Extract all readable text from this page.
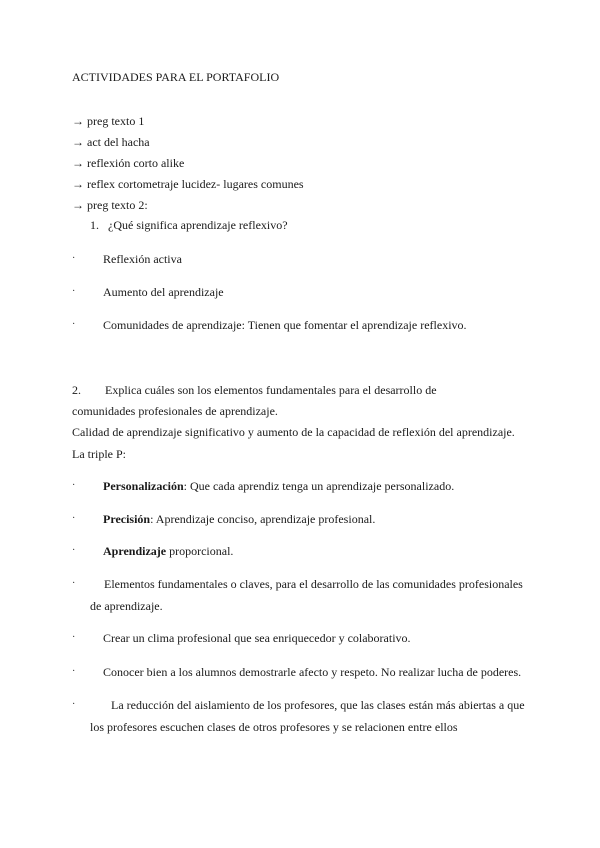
ACTIVIDADES PARA EL PORTAFOLIO
→ preg texto 1
→ act del hacha
→ reflexión corto alike
→ reflex cortometraje lucidez- lugares comunes
→ preg texto 2:
1. ¿Qué significa aprendizaje reflexivo?
· Reflexión activa
· Aumento del aprendizaje
· Comunidades de aprendizaje: Tienen que fomentar el aprendizaje reflexivo.
2. Explica cuáles son los elementos fundamentales para el desarrollo de
comunidades profesionales de aprendizaje.
Calidad de aprendizaje significativo y aumento de la capacidad de reflexión del aprendizaje.
La triple P:
· Personalización: Que cada aprendiz tenga un aprendizaje personalizado.
· Precisión: Aprendizaje conciso, aprendizaje profesional.
· Aprendizaje proporcional.
· Elementos fundamentales o claves, para el desarrollo de las comunidades profesionales
de aprendizaje.
· Crear un clima profesional que sea enriquecedor y colaborativo.
· Conocer bien a los alumnos demostrarle afecto y respeto. No realizar lucha de poderes.
·	La reducción del aislamiento de los profesores, que las clases están más abiertas a que
los profesores escuchen clases de otros profesores y se relacionen entre ellos
